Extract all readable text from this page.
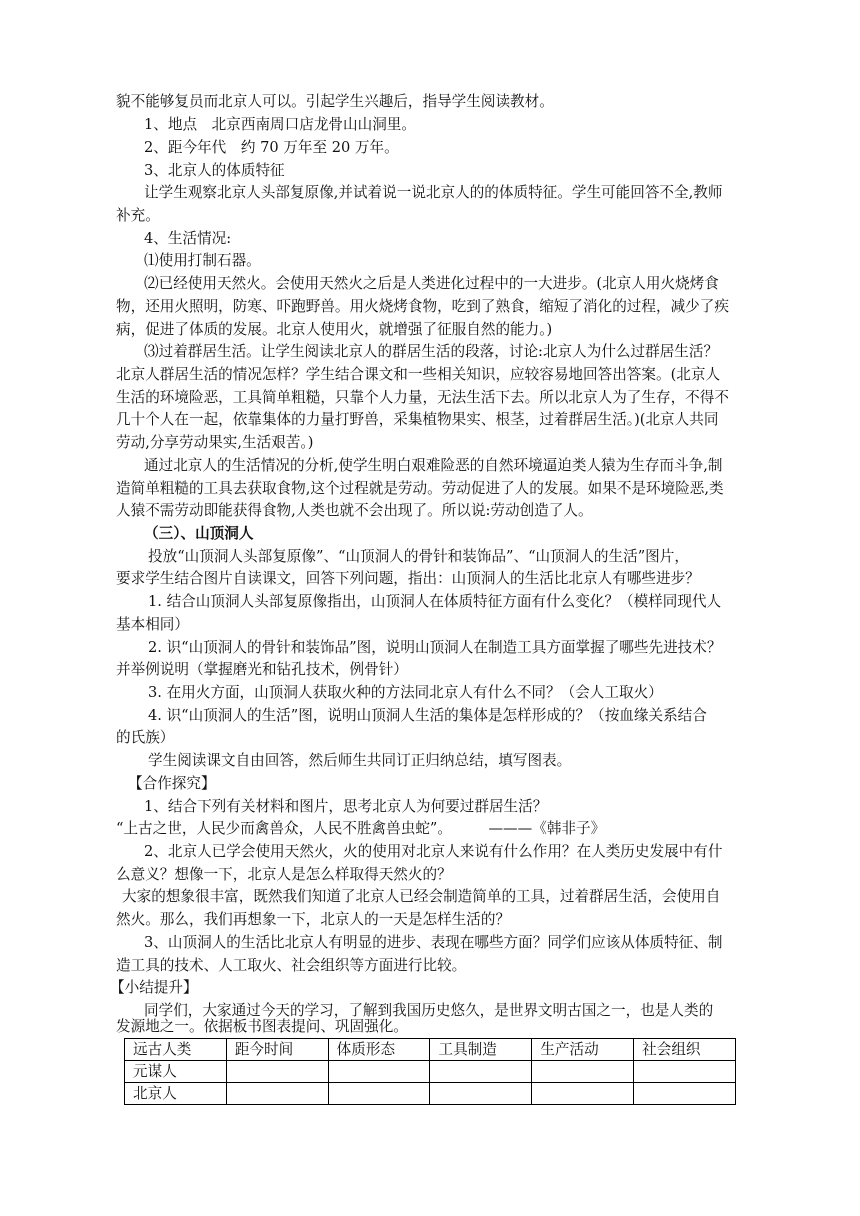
貌不能够复员而北京人可以。引起学生兴趣后，指导学生阅读教材。
1、地点　北京西南周口店龙骨山山洞里。
2、距今年代　约 70 万年至 20 万年。
3、北京人的体质特征
让学生观察北京人头部复原像,并试着说一说北京人的的体质特征。学生可能回答不全,教师
补充。
4、生活情况:
⑴使用打制石器。
⑵已经使用天然火。会使用天然火之后是人类进化过程中的一大进步。(北京人用火烧烤食
物，还用火照明，防寒、吓跑野兽。用火烧烤食物，吃到了熟食，缩短了消化的过程，减少了疾
病，促进了体质的发展。北京人使用火，就增强了征服自然的能力。)
⑶过着群居生活。让学生阅读北京人的群居生活的段落，讨论:北京人为什么过群居生活？
北京人群居生活的情况怎样？学生结合课文和一些相关知识，应较容易地回答出答案。(北京人
生活的环境险恶，工具简单粗糙，只靠个人力量，无法生活下去。所以北京人为了生存，不得不
几十个人在一起，依靠集体的力量打野兽，采集植物果实、根茎，过着群居生活。)(北京人共同
劳动,分享劳动果实,生活艰苦。)
通过北京人的生活情况的分析,使学生明白艰难险恶的自然环境逼迫类人猿为生存而斗争,制
造简单粗糙的工具去获取食物,这个过程就是劳动。劳动促进了人的发展。如果不是环境险恶,类
人猿不需劳动即能获得食物,人类也就不会出现了。所以说:劳动创造了人。
（三）、山顶洞人
投放“山顶洞人头部复原像”、“山顶洞人的骨针和装饰品”、“山顶洞人的生活”图片，
要求学生结合图片自读课文，回答下列问题，指出：山顶洞人的生活比北京人有哪些进步？
1. 结合山顶洞人头部复原像指出，山顶洞人在体质特征方面有什么变化？（模样同现代人
基本相同）
2. 识“山顶洞人的骨针和装饰品”图，说明山顶洞人在制造工具方面掌握了哪些先进技术？
并举例说明（掌握磨光和钻孔技术，例骨针）
3. 在用火方面，山顶洞人获取火种的方法同北京人有什么不同？（会人工取火）
4. 识“山顶洞人的生活”图，说明山顶洞人生活的集体是怎样形成的？（按血缘关系结合
的氏族）
学生阅读课文自由回答，然后师生共同订正归纳总结，填写图表。
【合作探究】
1、结合下列有关材料和图片，思考北京人为何要过群居生活？
“上古之世，人民少而禽兽众，人民不胜禽兽虫蛇”。　　　———《韩非子》
2、北京人已学会使用天然火，火的使用对北京人来说有什么作用？在人类历史发展中有什
么意义？想像一下，北京人是怎么样取得天然火的？
大家的想象很丰富，既然我们知道了北京人已经会制造简单的工具，过着群居生活，会使用自
然火。那么，我们再想象一下，北京人的一天是怎样生活的？
3、山顶洞人的生活比北京人有明显的进步、表现在哪些方面？同学们应该从体质特征、制
造工具的技术、人工取火、社会组织等方面进行比较。
【小结提升】
同学们，大家通过今天的学习，了解到我国历史悠久，是世界文明古国之一，也是人类的
发源地之一。依据板书图表提问、巩固强化。
远古人类	距今时间	体质形态	工具制造	生产活动	社会组织
元谋人					
北京人					
